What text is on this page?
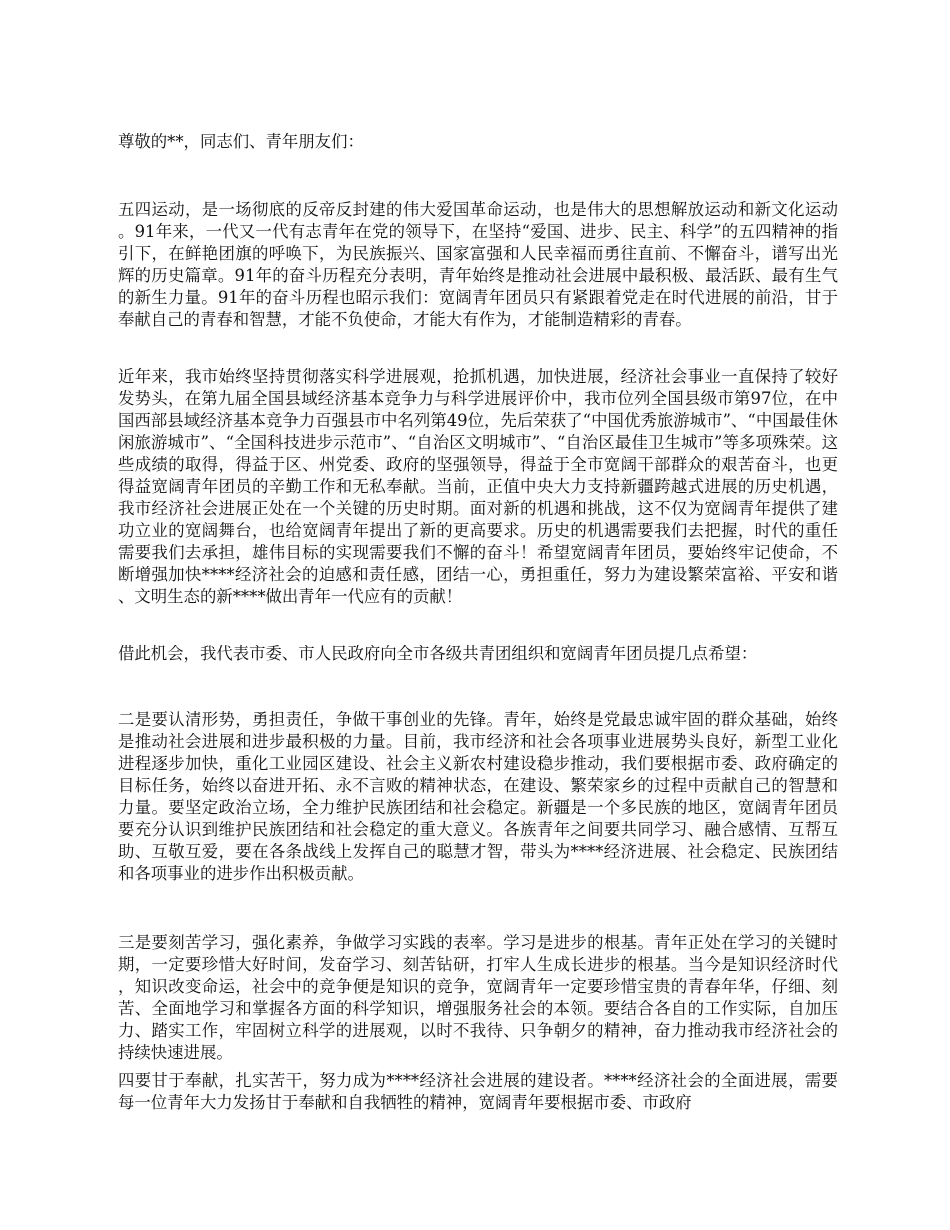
尊敬的**，同志们、青年朋友们：

五四运动，是一场彻底的反帝反封建的伟大爱国革命运动，也是伟大的思想解放运动和新文化运动。91年来，一代又一代有志青年在党的领导下，在坚持“爱国、进步、民主、科学”的五四精神的指引下，在鲜艳团旗的呼唤下，为民族振兴、国家富强和人民幸福而勇往直前、不懈奋斗，谱写出光辉的历史篇章。91年的奋斗历程充分表明，青年始终是推动社会进展中最积极、最活跃、最有生气的新生力量。91年的奋斗历程也昭示我们：宽阔青年团员只有紧跟着党走在时代进展的前沿，甘于奉献自己的青春和智慧，才能不负使命，才能大有作为，才能制造精彩的青春。

近年来，我市始终坚持贯彻落实科学进展观，抢抓机遇，加快进展，经济社会事业一直保持了较好发势头，在第九届全国县域经济基本竞争力与科学进展评价中，我市位列全国县级市第97位，在中国西部县域经济基本竞争力百强县市中名列第49位，先后荣获了“中国优秀旅游城市”、“中国最佳休闲旅游城市”、“全国科技进步示范市”、“自治区文明城市”、“自治区最佳卫生城市”等多项殊荣。这些成绩的取得，得益于区、州党委、政府的坚强领导，得益于全市宽阔干部群众的艰苦奋斗，也更得益宽阔青年团员的辛勤工作和无私奉献。当前，正值中央大力支持新疆跨越式进展的历史机遇，我市经济社会进展正处在一个关键的历史时期。面对新的机遇和挑战，这不仅为宽阔青年提供了建功立业的宽阔舞台，也给宽阔青年提出了新的更高要求。历史的机遇需要我们去把握，时代的重任需要我们去承担，雄伟目标的实现需要我们不懈的奋斗！希望宽阔青年团员，要始终牢记使命，不断增强加快****经济社会的迫感和责任感，团结一心，勇担重任，努力为建设繁荣富裕、平安和谐、文明生态的新****做出青年一代应有的贡献！

借此机会，我代表市委、市人民政府向全市各级共青团组织和宽阔青年团员提几点希望：

二是要认清形势，勇担责任，争做干事创业的先锋。青年，始终是党最忠诚牢固的群众基础，始终是推动社会进展和进步最积极的力量。目前，我市经济和社会各项事业进展势头良好，新型工业化进程逐步加快，重化工业园区建设、社会主义新农村建设稳步推动，我们要根据市委、政府确定的目标任务，始终以奋进开拓、永不言败的精神状态，在建设、繁荣家乡的过程中贡献自己的智慧和力量。要坚定政治立场，全力维护民族团结和社会稳定。新疆是一个多民族的地区，宽阔青年团员要充分认识到维护民族团结和社会稳定的重大意义。各族青年之间要共同学习、融合感情、互帮互助、互敬互爱，要在各条战线上发挥自己的聪慧才智，带头为****经济进展、社会稳定、民族团结和各项事业的进步作出积极贡献。

三是要刻苦学习，强化素养，争做学习实践的表率。学习是进步的根基。青年正处在学习的关键时期，一定要珍惜大好时间，发奋学习、刻苦钻研，打牢人生成长进步的根基。当今是知识经济时代，知识改变命运，社会中的竞争便是知识的竞争，宽阔青年一定要珍惜宝贵的青春年华，仔细、刻苦、全面地学习和掌握各方面的科学知识，增强服务社会的本领。要结合各自的工作实际，自加压力、踏实工作，牢固树立科学的进展观，以时不我待、只争朝夕的精神，奋力推动我市经济社会的持续快速进展。

四要甘于奉献，扎实苦干，努力成为****经济社会进展的建设者。****经济社会的全面进展，需要每一位青年大力发扬甘于奉献和自我牺牲的精神，宽阔青年要根据市委、市政府
